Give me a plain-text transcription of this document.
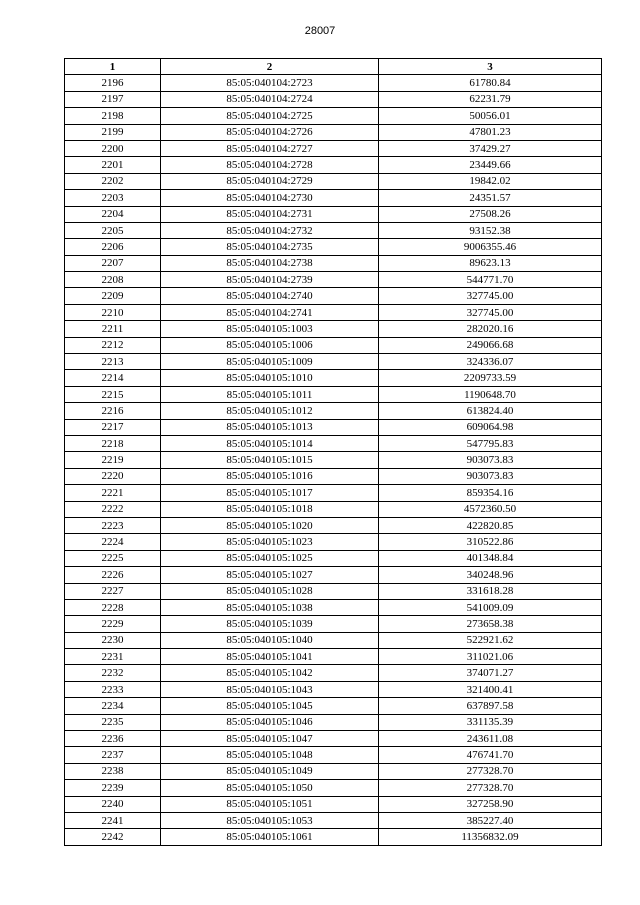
28007
1	2	3
2196	85:05:040104:2723	61780.84
2197	85:05:040104:2724	62231.79
2198	85:05:040104:2725	50056.01
2199	85:05:040104:2726	47801.23
2200	85:05:040104:2727	37429.27
2201	85:05:040104:2728	23449.66
2202	85:05:040104:2729	19842.02
2203	85:05:040104:2730	24351.57
2204	85:05:040104:2731	27508.26
2205	85:05:040104:2732	93152.38
2206	85:05:040104:2735	9006355.46
2207	85:05:040104:2738	89623.13
2208	85:05:040104:2739	544771.70
2209	85:05:040104:2740	327745.00
2210	85:05:040104:2741	327745.00
2211	85:05:040105:1003	282020.16
2212	85:05:040105:1006	249066.68
2213	85:05:040105:1009	324336.07
2214	85:05:040105:1010	2209733.59
2215	85:05:040105:1011	1190648.70
2216	85:05:040105:1012	613824.40
2217	85:05:040105:1013	609064.98
2218	85:05:040105:1014	547795.83
2219	85:05:040105:1015	903073.83
2220	85:05:040105:1016	903073.83
2221	85:05:040105:1017	859354.16
2222	85:05:040105:1018	4572360.50
2223	85:05:040105:1020	422820.85
2224	85:05:040105:1023	310522.86
2225	85:05:040105:1025	401348.84
2226	85:05:040105:1027	340248.96
2227	85:05:040105:1028	331618.28
2228	85:05:040105:1038	541009.09
2229	85:05:040105:1039	273658.38
2230	85:05:040105:1040	522921.62
2231	85:05:040105:1041	311021.06
2232	85:05:040105:1042	374071.27
2233	85:05:040105:1043	321400.41
2234	85:05:040105:1045	637897.58
2235	85:05:040105:1046	331135.39
2236	85:05:040105:1047	243611.08
2237	85:05:040105:1048	476741.70
2238	85:05:040105:1049	277328.70
2239	85:05:040105:1050	277328.70
2240	85:05:040105:1051	327258.90
2241	85:05:040105:1053	385227.40
2242	85:05:040105:1061	11356832.09
